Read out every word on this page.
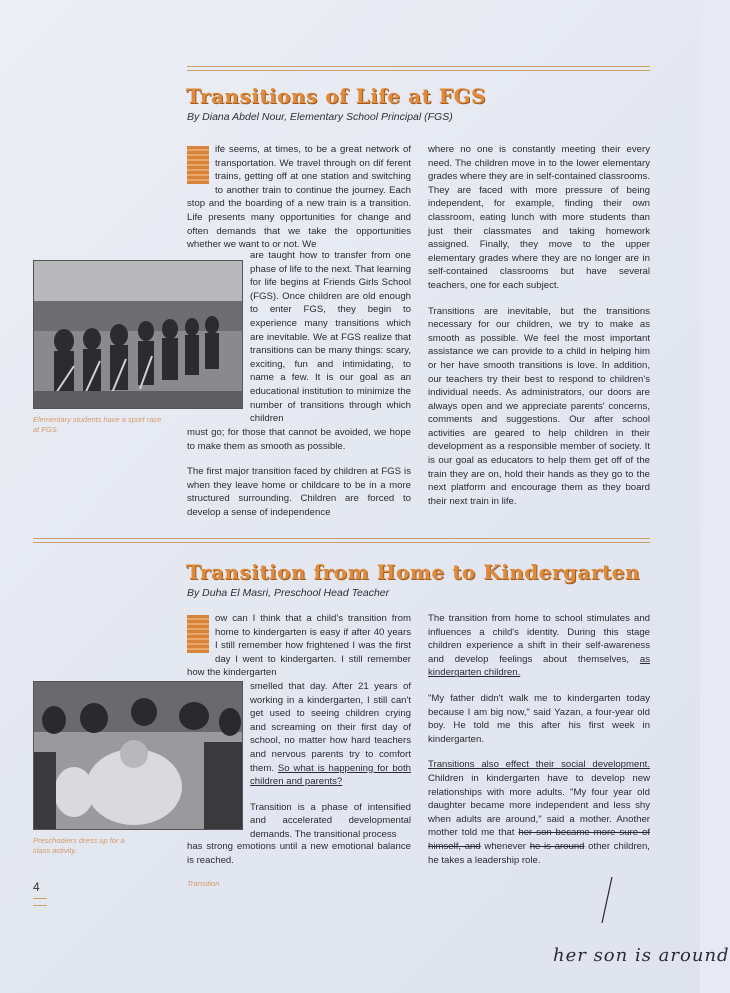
Transitions of Life at FGS
By Diana Abdel Nour, Elementary School Principal (FGS)
ife seems, at times, to be a great network of transportation. We travel through on dif ferent trains, getting off at one station and switching to another train to continue the journey. Each stop and the boarding of a new train is a transition. Life presents many opportunities for change and often demands that we take the opportunities whether we want to or not. We
are taught how to transfer from one phase of life to the next. That learning for life begins at Friends Girls School (FGS). Once children are old enough to enter FGS, they begin to experience many transitions which are inevitable. We at FGS realize that transitions can be many things: scary, exciting, fun and intimidating, to name a few. It is our goal as an educational institution to minimize the number of transitions through which children

must go; for those that cannot be avoided, we hope to make them as smooth as possible.

The first major transition faced by children at FGS is when they leave home or childcare to be in a more structured surrounding. Children are forced to develop a sense of independence

where no one is constantly meeting their every need. The children move in to the lower elementary grades where they are in self-contained classrooms. They are faced with more pressure of being independent, for example, finding their own classroom, eating lunch with more students than just their classmates and taking homework assigned. Finally, they move to the upper elementary grades where they are no longer are in self-contained classrooms but have several teachers, one for each subject.

Transitions are inevitable, but the transitions necessary for our children, we try to make as smooth as possible. We feel the most important assistance we can provide to a child in helping him or her have smooth transitions is love. In addition, our teachers try their best to respond to children's individual needs. As administrators, our doors are always open and we appreciate parents' concerns, comments and suggestions. Our after school activities are geared to help children in their development as a responsible member of society. It is our goal as educators to help them get off of the train they are on, hold their hands as they go to the next platform and encourage them as they board their next train in life.

Elementary students have a sport race at FGS.
Transition from Home to Kindergarten
By Duha El Masri, Preschool Head Teacher
ow can I think that a child's transition from home to kindergarten is easy if after 40 years I still remember how frightened I was the first day I went to kindergarten. I still remember how the kindergarten

smelled that day. After 21 years of working in a kindergarten, I still can't get used to seeing children crying and screaming on their first day of school, no matter how hard teachers and nervous parents try to comfort them. So what is happening for both children and parents?

Transition is a phase of intensified and accelerated developmental demands. The transitional process

has strong emotions until a new emotional balance is reached.

The transition from home to school stimulates and influences a child's identity. During this stage children experience a shift in their self-awareness and develop feelings about themselves, as kindergarten children.

"My father didn't walk me to kindergarten today because I am big now," said Yazan, a four-year old boy. He told me this after his first week in kindergarten.

Transitions also effect their social development. Children in kindergarten have to develop new relationships with more adults. "My four year old daughter became more independent and less shy when adults are around," said a mother. Another mother told me that her son became more sure of himself, and whenever he is around other children, he takes a leadership role.

Preschoolers dress up for a class activity.
4	Transition
her son is around
